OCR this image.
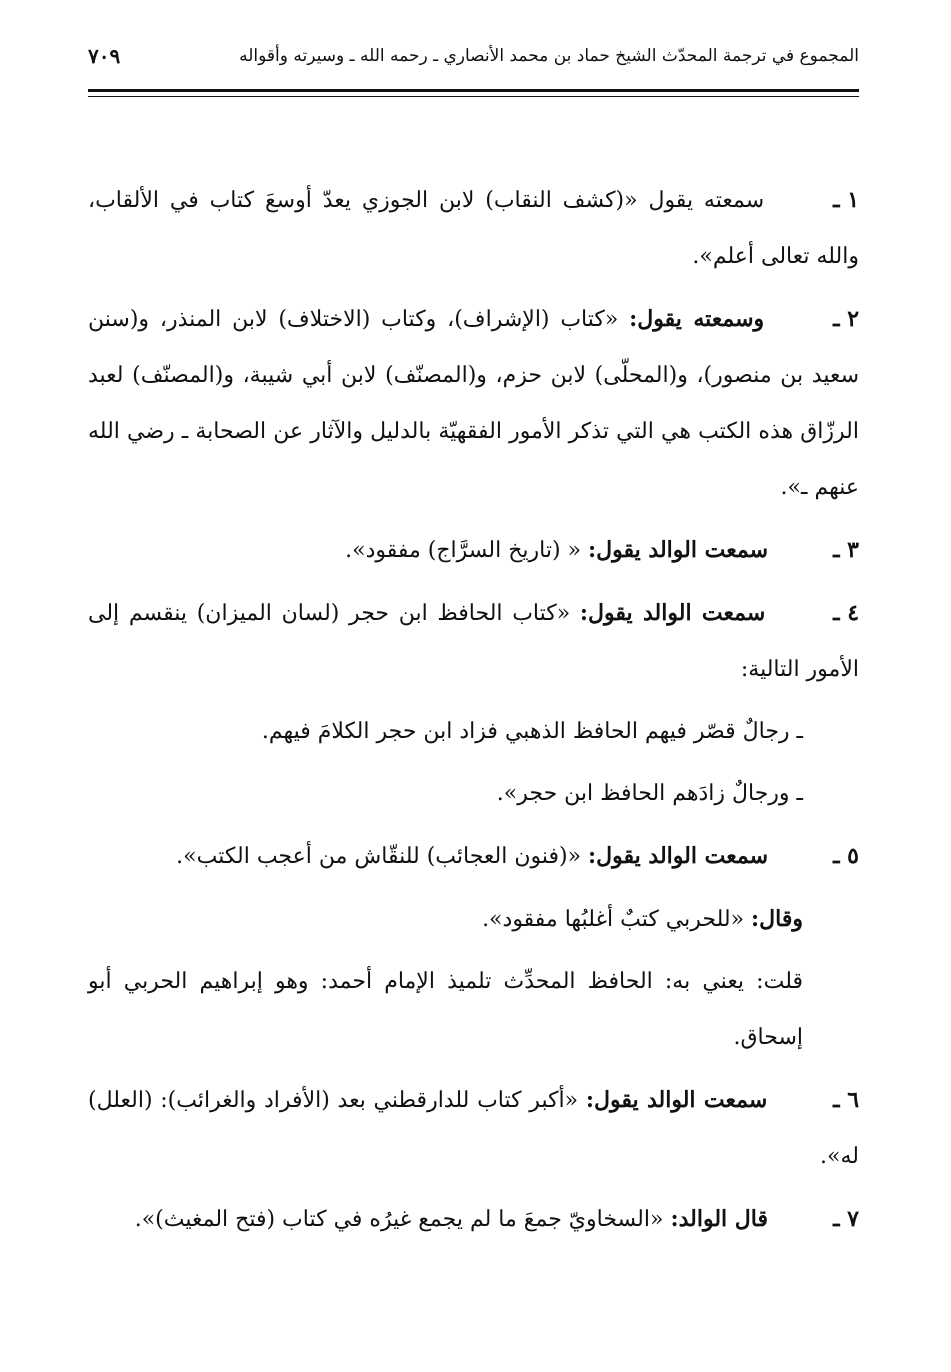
المجموع في ترجمة المحدّث الشيخ حماد بن محمد الأنصاري ـ رحمه الله ـ وسيرته وأقواله
٧٠٩

١ ـ سمعته يقول «(كشف النقاب) لابن الجوزي يعدّ أوسعَ كتاب في الألقاب، والله تعالى أعلم».

٢ ـ وسمعته يقول: «كتاب (الإشراف)، وكتاب (الاختلاف) لابن المنذر، و(سنن سعيد بن منصور)، و(المحلّى) لابن حزم، و(المصنّف) لابن أبي شيبة، و(المصنّف) لعبد الرزّاق هذه الكتب هي التي تذكر الأمور الفقهيّة بالدليل والآثار عن الصحابة ـ رضي الله عنهم ـ».

٣ ـ سمعت الوالد يقول: « (تاريخ السرَّاج) مفقود».

٤ ـ سمعت الوالد يقول: «كتاب الحافظ ابن حجر (لسان الميزان) ينقسم إلى الأمور التالية:

ـ رجالٌ قصّر فيهم الحافظ الذهبي فزاد ابن حجر الكلامَ فيهم.

ـ ورجالٌ زادَهم الحافظ ابن حجر».

٥ ـ سمعت الوالد يقول: «(فنون العجائب) للنقّاش من أعجب الكتب».

وقال: «للحربي كتبٌ أغلبُها مفقود».

قلت: يعني به: الحافظ المحدِّث تلميذ الإمام أحمد: وهو إبراهيم الحربي أبو إسحاق.

٦ ـ سمعت الوالد يقول: «أكبر كتاب للدارقطني بعد (الأفراد والغرائب): (العلل) له».

٧ ـ قال الوالد: «السخاويّ جمعَ ما لم يجمع غيرُه في كتاب (فتح المغيث)».
